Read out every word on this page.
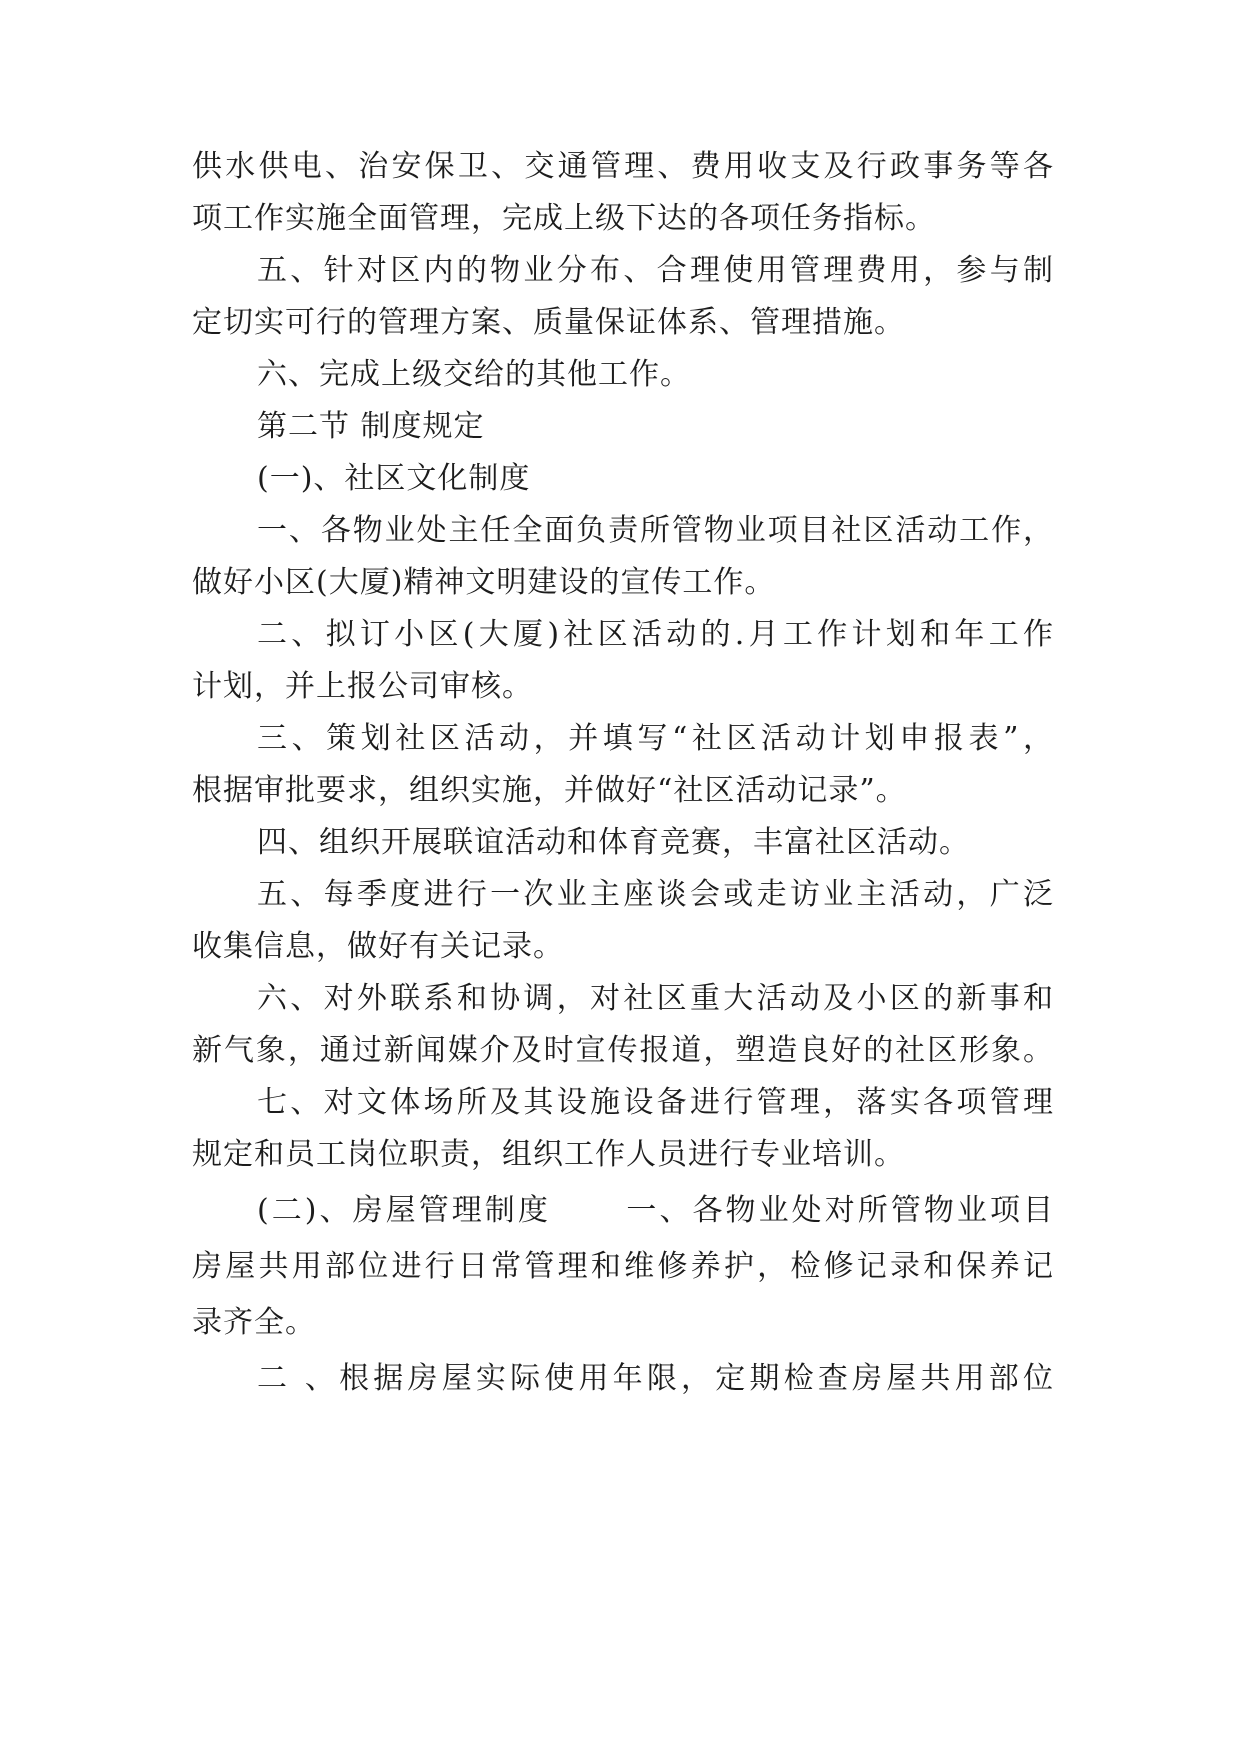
供水供电、治安保卫、交通管理、费用收支及行政事务等各
项工作实施全面管理，完成上级下达的各项任务指标。
五、针对区内的物业分布、合理使用管理费用，参与制
定切实可行的管理方案、质量保证体系、管理措施。
六、完成上级交给的其他工作。
第二节 制度规定
(一)、社区文化制度
一、各物业处主任全面负责所管物业项目社区活动工作，
做好小区(大厦)精神文明建设的宣传工作。
二、拟订小区(大厦)社区活动的.月工作计划和年工作
计划，并上报公司审核。
三、策划社区活动，并填写“社区活动计划申报表”，
根据审批要求，组织实施，并做好“社区活动记录”。
四、组织开展联谊活动和体育竞赛，丰富社区活动。
五、每季度进行一次业主座谈会或走访业主活动，广泛
收集信息，做好有关记录。
六、对外联系和协调，对社区重大活动及小区的新事和
新气象，通过新闻媒介及时宣传报道，塑造良好的社区形象。
七、对文体场所及其设施设备进行管理，落实各项管理
规定和员工岗位职责，组织工作人员进行专业培训。
(二)、房屋管理制度      一、各物业处对所管物业项目
房屋共用部位进行日常管理和维修养护，检修记录和保养记
录齐全。
二 、根据房屋实际使用年限，定期检查房屋共用部位
